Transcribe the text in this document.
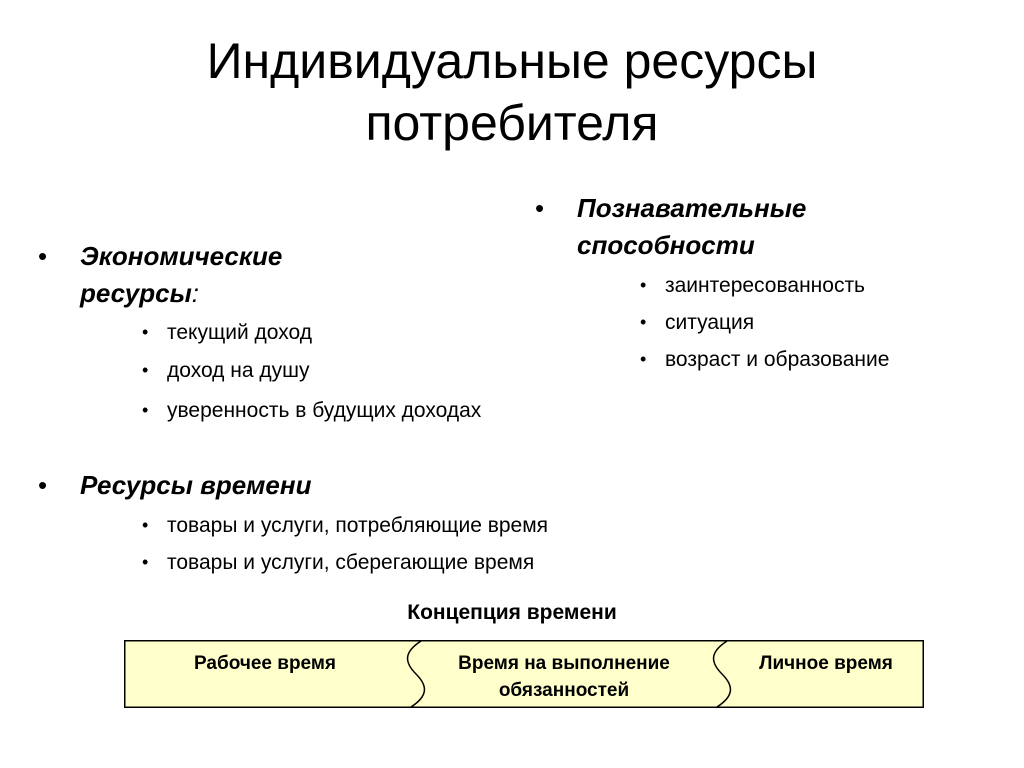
Индивидуальные ресурсы
потребителя
• Экономические
ресурсы:
• текущий доход
• доход на душу
• уверенность в будущих доходах
• Познавательные
способности
• заинтересованность
• ситуация
• возраст и образование
• Ресурсы времени
• товары и услуги, потребляющие время
• товары и услуги, сберегающие время
Концепция времени
Рабочее время	Время на выполнение обязанностей
Личное время
